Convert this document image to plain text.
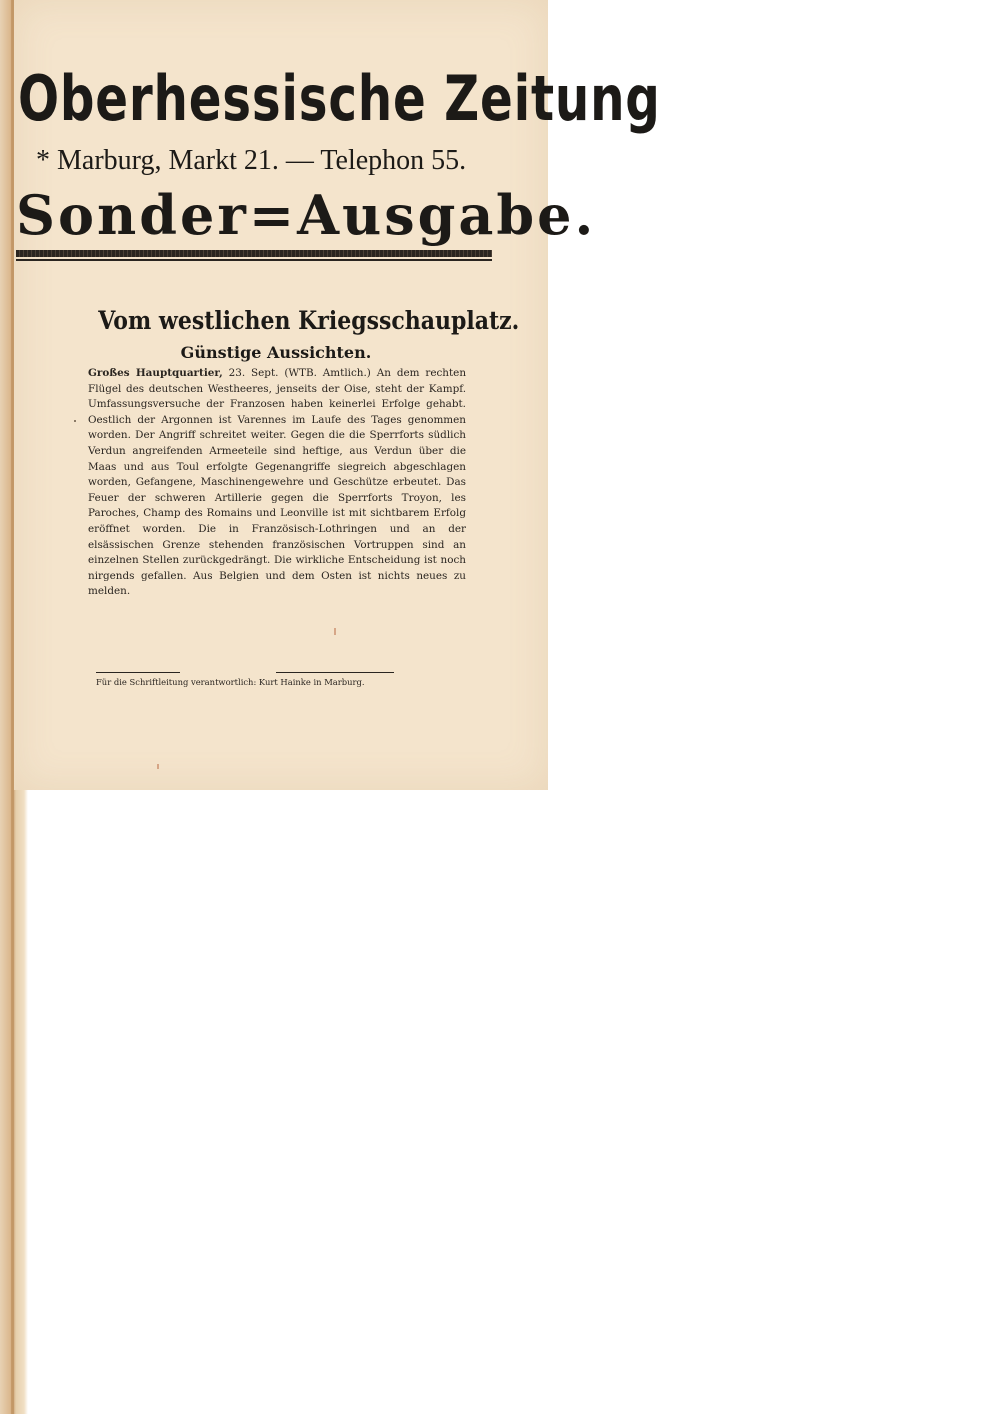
Oberhessische Zeitung
* Marburg, Markt 21. — Telephon 55.
Sonder=Ausgabe.
Vom westlichen Kriegsschauplatz.
Günstige Aussichten.
Großes Hauptquartier, 23. Sept. (WTB. Amtlich.) An dem rechten Flügel des deutschen Westheeres, jenseits der Oise, steht der Kampf. Umfassungsversuche der Franzosen haben keinerlei Erfolge gehabt. Oestlich der Argonnen ist Varennes im Laufe des Tages genommen worden. Der Angriff schreitet weiter. Gegen die die Sperrforts südlich Verdun angreifenden Armeeteile sind heftige, aus Verdun über die Maas und aus Toul erfolgte Gegenangriffe siegreich abgeschlagen worden, Gefangene, Maschinengewehre und Geschütze erbeutet. Das Feuer der schweren Artillerie gegen die Sperrforts Troyon, les Paroches, Champ des Romains und Leonville ist mit sichtbarem Erfolg eröffnet worden. Die in Französisch-Lothringen und an der elsässischen Grenze stehenden französischen Vortruppen sind an einzelnen Stellen zurückgedrängt. Die wirkliche Entscheidung ist noch nirgends gefallen. Aus Belgien und dem Osten ist nichts neues zu melden.
Für die Schriftleitung verantwortlich: Kurt Hainke in Marburg.
